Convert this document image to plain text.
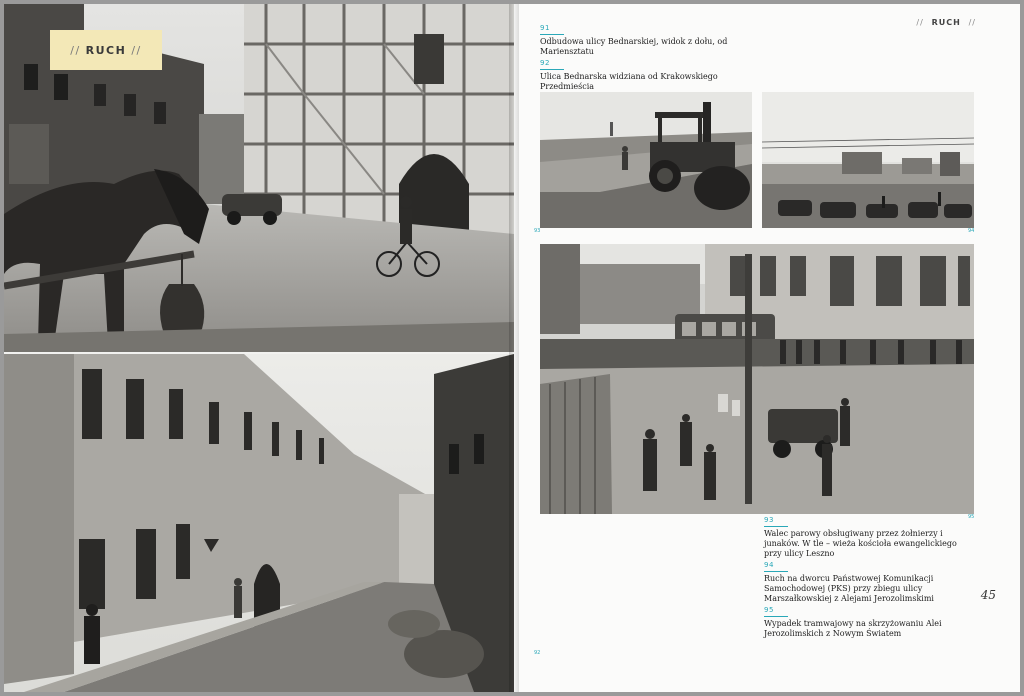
// RUCH //
// RUCH //
91
Odbudowa ulicy Bednarskiej, widok z dołu, od Mariensztatu
92
Ulica Bednarska widziana od Krakowskiego Przedmieścia
93
Walec parowy obsługiwany przez żołnierzy i junaków. W tle – wieża kościoła ewangelickiego przy ulicy Leszno
94
Ruch na dworcu Państwowej Komunikacji Samochodowej (PKS) przy zbiegu ulicy Marszałkowskiej z Alejami Jerozolimskimi
95
Wypadek tramwajowy na skrzyżowaniu Alei Jerozolimskich z Nowym Światem
45
93	94
95
92
